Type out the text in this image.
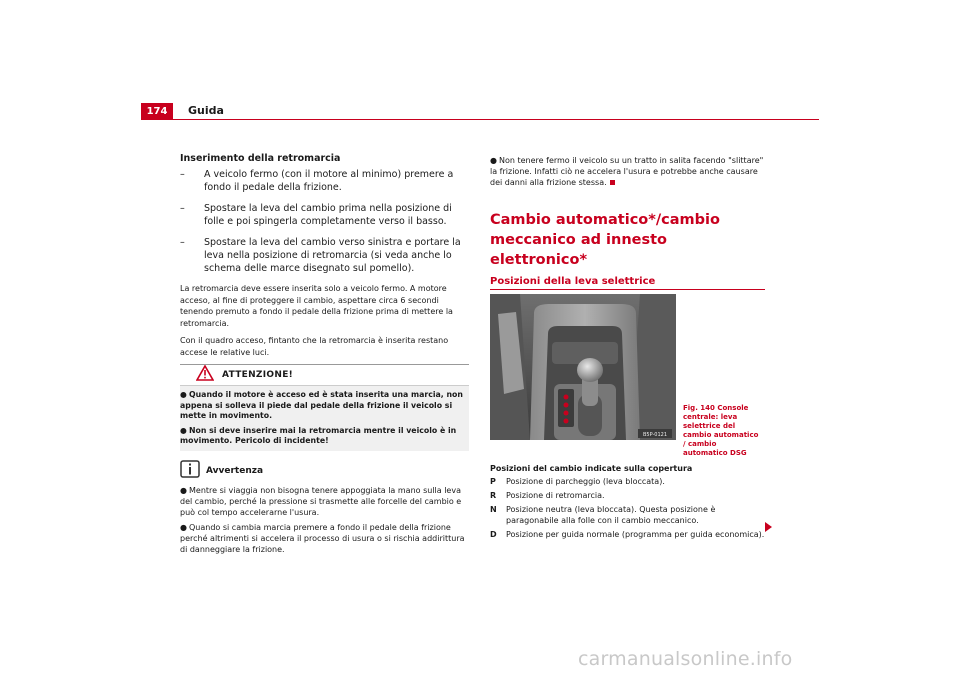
174	Guida

Inserimento della retromarcia

– A veicolo fermo (con il motore al minimo) premere a fondo il pedale della frizione.

– Spostare la leva del cambio prima nella posizione di folle e poi spingerla completamente verso il basso.

– Spostare la leva del cambio verso sinistra e portare la leva nella posizione di retromarcia (si veda anche lo schema delle marce disegnato sul pomello).

La retromarcia deve essere inserita solo a veicolo fermo. A motore acceso, al fine di proteggere il cambio, aspettare circa 6 secondi tenendo premuto a fondo il pedale della frizione prima di mettere la retromarcia.

Con il quadro acceso, fintanto che la retromarcia è inserita restano accese le relative luci.

ATTENZIONE!

● Quando il motore è acceso ed è stata inserita una marcia, non appena si solleva il piede dal pedale della frizione il veicolo si mette in movimento.

● Non si deve inserire mai la retromarcia mentre il veicolo è in movimento. Pericolo di incidente!

Avvertenza

● Mentre si viaggia non bisogna tenere appoggiata la mano sulla leva del cambio, perché la pressione si trasmette alle forcelle del cambio e può col tempo accelerarne l'usura.

● Quando si cambia marcia premere a fondo il pedale della frizione perché altrimenti si accelera il processo di usura o si rischia addirittura di danneggiare la frizione.

● Non tenere fermo il veicolo su un tratto in salita facendo "slittare" la frizione. Infatti ciò ne accelera l'usura e potrebbe anche causare dei danni alla frizione stessa.

Cambio automatico*/cambio meccanico ad innesto elettronico*

Posizioni della leva selettrice

B5P-0121
Fig. 140 Console centrale: leva selettrice del cambio automatico / cambio automatico DSG

Posizioni del cambio indicate sulla copertura

P	Posizione di parcheggio (leva bloccata).
R	Posizione di retromarcia.
N	Posizione neutra (leva bloccata). Questa posizione è paragonabile alla folle con il cambio meccanico.
D	Posizione per guida normale (programma per guida economica).
carmanualsonline.info
